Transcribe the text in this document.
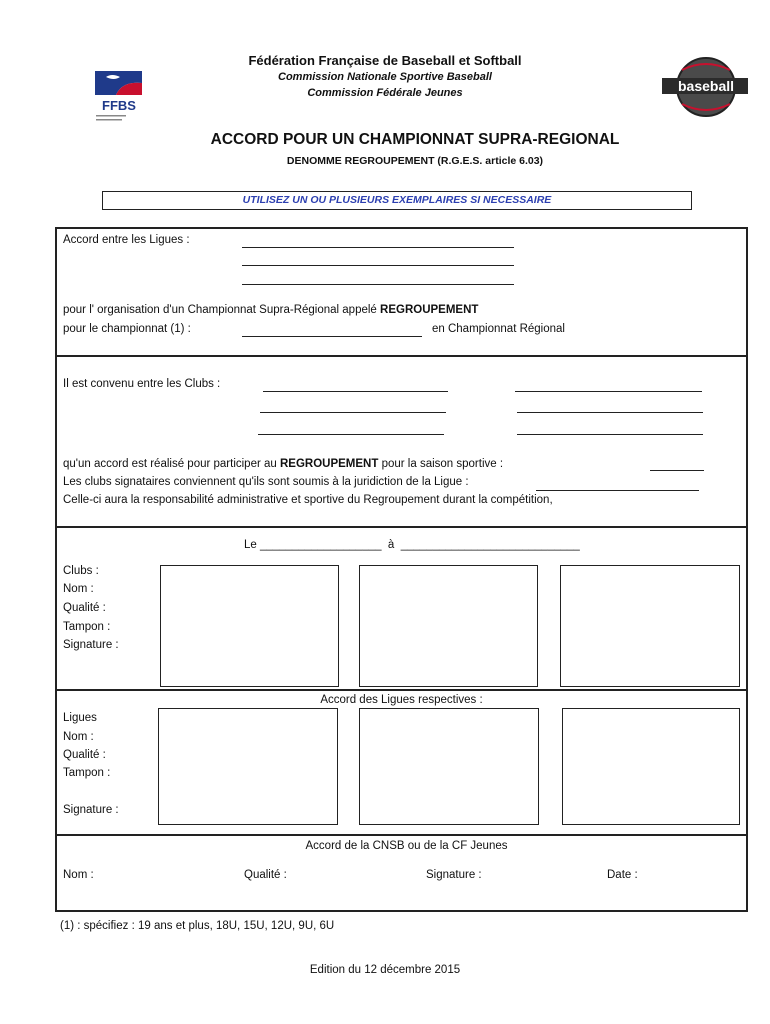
FFBS
baseball
Fédération Française de Baseball et Softball
Commission Nationale Sportive Baseball
Commission Fédérale Jeunes
ACCORD POUR UN CHAMPIONNAT SUPRA-REGIONAL
DENOMME REGROUPEMENT (R.G.E.S. article 6.03)
UTILISEZ UN OU PLUSIEURS EXEMPLAIRES SI NECESSAIRE
Accord entre les Ligues :
pour l' organisation d'un Championnat Supra-Régional appelé REGROUPEMENT
pour le championnat (1) :	en Championnat Régional
Il est convenu entre les Clubs :
qu'un accord est réalisé pour participer au REGROUPEMENT pour la saison sportive :
Les clubs signataires conviennent qu'ils sont soumis à la juridiction de la Ligue :
Celle-ci aura la responsabilité administrative et sportive du Regroupement durant la compétition,
Le ___________________ à ____________________________
Clubs :
Nom :
Qualité :
Tampon :
Signature :
Accord des Ligues respectives :
Ligues
Nom :
Qualité :
Tampon :
Signature :
Accord de la CNSB ou de la CF Jeunes
Nom :	Qualité :	Signature :	Date :
(1) : spécifiez : 19 ans et plus, 18U, 15U, 12U, 9U, 6U
Edition du 12 décembre 2015
